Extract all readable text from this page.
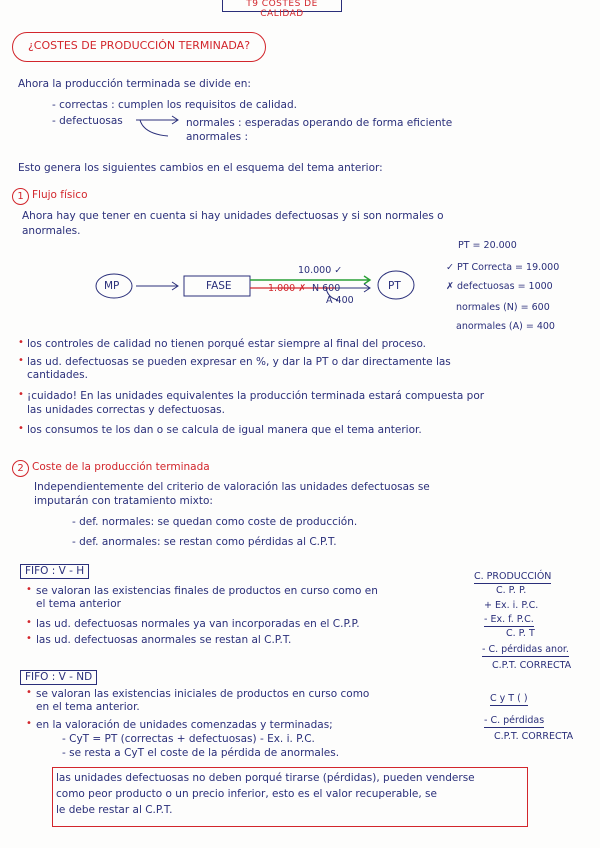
T9 COSTES DE CALIDAD
¿COSTES DE PRODUCCIÓN TERMINADA?
Ahora la producción terminada se divide en:
- correctas : cumplen los requisitos de calidad.
- defectuosas	normales : esperadas operando de forma eficiente
anormales :
Esto genera los siguientes cambios en el esquema del tema anterior:
1 Flujo físico
Ahora hay que tener en cuenta si hay unidades defectuosas y si son normales o
anormales.
MP	FASE	PT
10.000 ✓
1.000 ✗ N 600
A 400
PT = 20.000
✓ PT Correcta = 19.000
✗ defectuosas = 1000
normales (N) = 600
anormales (A) = 400
• los controles de calidad no tienen porqué estar siempre al final del proceso.
• las ud. defectuosas se pueden expresar en %, y dar la PT o dar directamente las
cantidades.
• ¡cuidado! En las unidades equivalentes la producción terminada estará compuesta por
las unidades correctas y defectuosas.
• los consumos te los dan o se calcula de igual manera que el tema anterior.
2 Coste de la producción terminada
Independientemente del criterio de valoración las unidades defectuosas se
imputarán con tratamiento mixto:
- def. normales: se quedan como coste de producción.
- def. anormales: se restan como pérdidas al C.P.T.
FIFO : V - H
• se valoran las existencias finales de productos en curso como en
el tema anterior
• las ud. defectuosas normales ya van incorporadas en el C.P.P.
• las ud. defectuosas anormales se restan al C.P.T.
C. PRODUCCIÓN
C. P. P.
+ Ex. i. P.C.
- Ex. f. P.C.
C. P. T
- C. pérdidas anor.
C.P.T. CORRECTA
FIFO : V - ND
• se valoran las existencias iniciales de productos en curso como
en el tema anterior.
• en la valoración de unidades comenzadas y terminadas;
- CyT = PT (correctas + defectuosas) - Ex. i. P.C.
- se resta a CyT el coste de la pérdida de anormales.
C y T ( )
- C. pérdidas
C.P.T. CORRECTA
las unidades defectuosas no deben porqué tirarse (pérdidas), pueden venderse
como peor producto o un precio inferior, esto es el valor recuperable, se
le debe restar al C.P.T.
